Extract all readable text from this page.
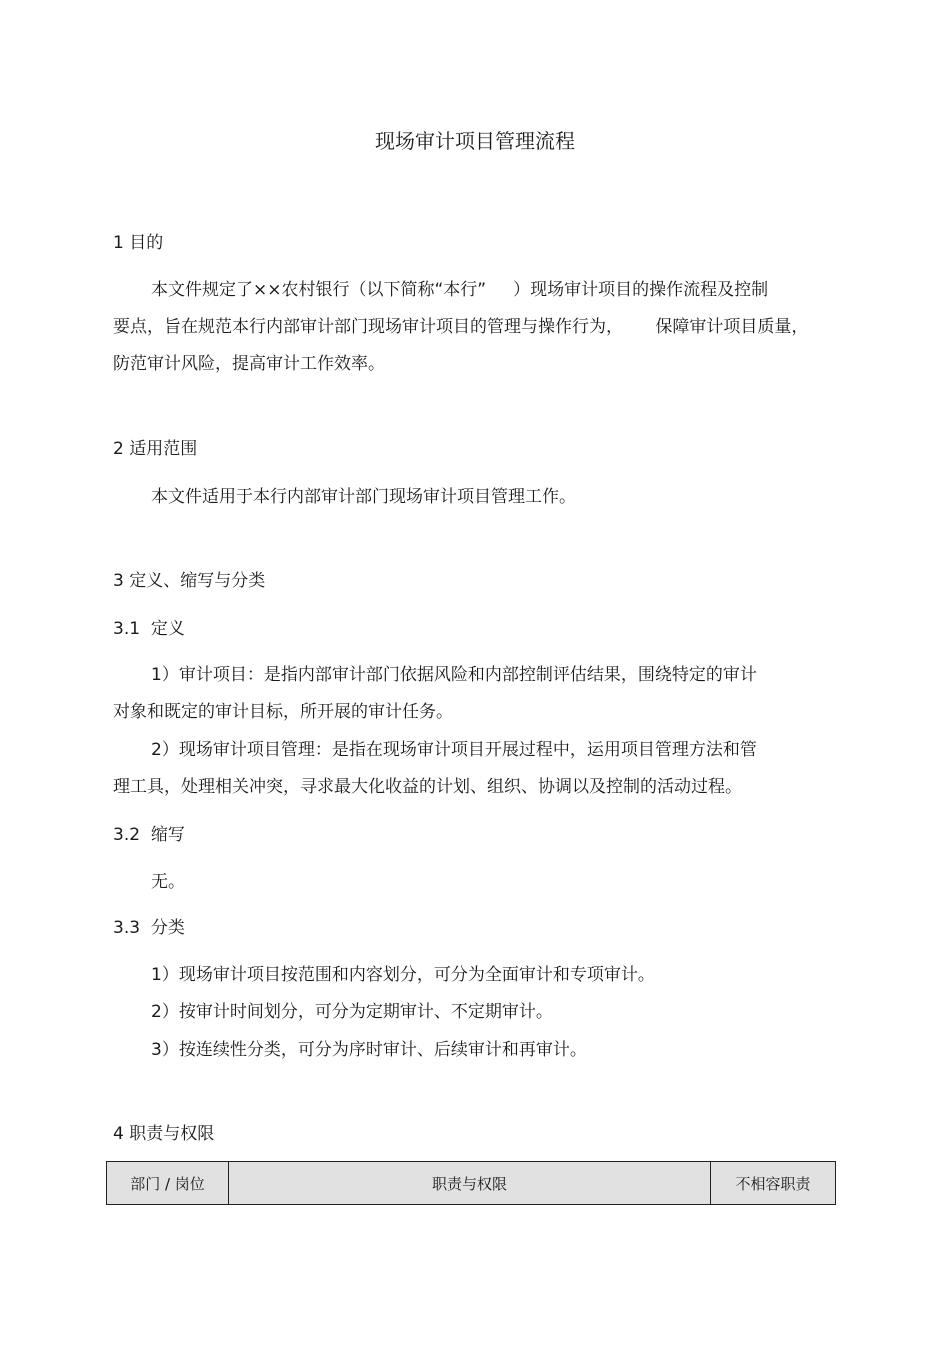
现场审计项目管理流程
1 目的
本文件规定了××农村银行（以下简称“本行”     ）现场审计项目的操作流程及控制
要点，旨在规范本行内部审计部门现场审计项目的管理与操作行为，      保障审计项目质量，
防范审计风险，提高审计工作效率。
2 适用范围
本文件适用于本行内部审计部门现场审计项目管理工作。
3 定义、缩写与分类
3.1  定义
1）审计项目：是指内部审计部门依据风险和内部控制评估结果，围绕特定的审计
对象和既定的审计目标，所开展的审计任务。
2）现场审计项目管理：是指在现场审计项目开展过程中，运用项目管理方法和管
理工具，处理相关冲突，寻求最大化收益的计划、组织、协调以及控制的活动过程。
3.2  缩写
无。
3.3  分类
1）现场审计项目按范围和内容划分，可分为全面审计和专项审计。
2）按审计时间划分，可分为定期审计、不定期审计。
3）按连续性分类，可分为序时审计、后续审计和再审计。
4 职责与权限
部门 / 岗位	职责与权限	不相容职责
